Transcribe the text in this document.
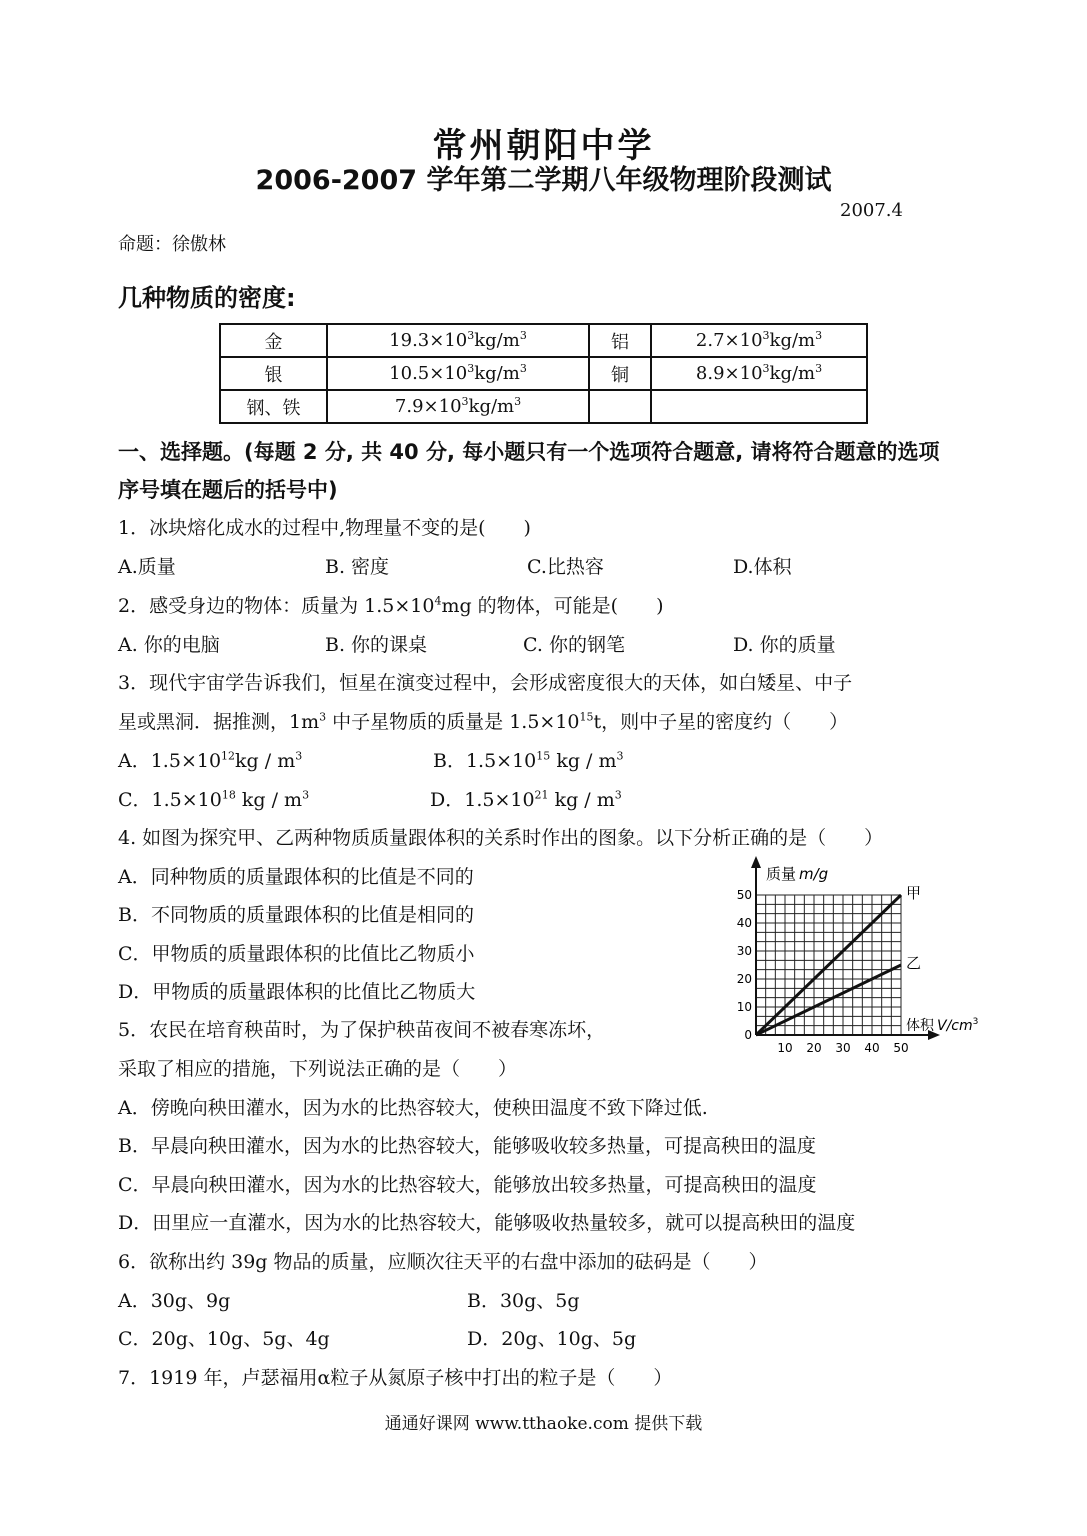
常州朝阳中学
2006-2007 学年第二学期八年级物理阶段测试
2007.4
命题：徐傲林
几种物质的密度:
金	$19.3\times 10^3kg/m^3$	铝	$2.7\times 10^3kg/m^3$
银	$10.5\times 10^3kg/m^3$	铜	$8.9\times 10^3kg/m^3$
钢、铁	$7.9\times 10^3kg/m^3$		
一、选择题。(每题 2 分, 共 40 分, 每小题只有一个选项符合题意, 请将符合题意的选项
序号填在题后的括号中)
1．冰块熔化成水的过程中,物理量不变的是(　　)
A.质量	B. 密度	C.比热容	D.体积
2．感受身边的物体：质量为 $1.5\times 10^4mg$ 的物体，可能是(　　)
A. 你的电脑	B. 你的课桌	C. 你的钢笔	D. 你的质量
3．现代宇宙学告诉我们，恒星在演变过程中，会形成密度很大的天体，如白矮星、中子
星或黑洞．据推测，$1m^3$ 中子星物质的质量是 $1.5\times 10^{15}t$，则中子星的密度约（　　）
A．$1.5\times 10^{12}kg / m^3$	B．$1.5\times 10^{15}$ kg / $m^3$
C．$1.5\times 10^{18}$ kg / $m^3$	D．$1.5\times 10^{21}$ kg / $m^3$
4. 如图为探究甲、乙两种物质质量跟体积的关系时作出的图象。以下分析正确的是（　　）
A．同种物质的质量跟体积的比值是不同的
B．不同物质的质量跟体积的比值是相同的
C．甲物质的质量跟体积的比值比乙物质小
D．甲物质的质量跟体积的比值比乙物质大
甲
乙
0
10
20
30
40
50
10 20 30 40 50
质量 m/g
体积 $V/cm^3$
5．农民在培育秧苗时，为了保护秧苗夜间不被春寒冻坏，
采取了相应的措施，下列说法正确的是（　　）
A．傍晚向秧田灌水，因为水的比热容较大，使秧田温度不致下降过低.
B．早晨向秧田灌水，因为水的比热容较大，能够吸收较多热量，可提高秧田的温度
C．早晨向秧田灌水，因为水的比热容较大，能够放出较多热量，可提高秧田的温度
D．田里应一直灌水，因为水的比热容较大，能够吸收热量较多，就可以提高秧田的温度
6．欲称出约 39g 物品的质量，应顺次往天平的右盘中添加的砝码是（　　）
A．30g、9g	B．30g、5g
C．20g、10g、5g、4g	D．20g、10g、5g
7．1919 年，卢瑟福用α粒子从氮原子核中打出的粒子是（　　）
通通好课网 www.tthaoke.com 提供下载
